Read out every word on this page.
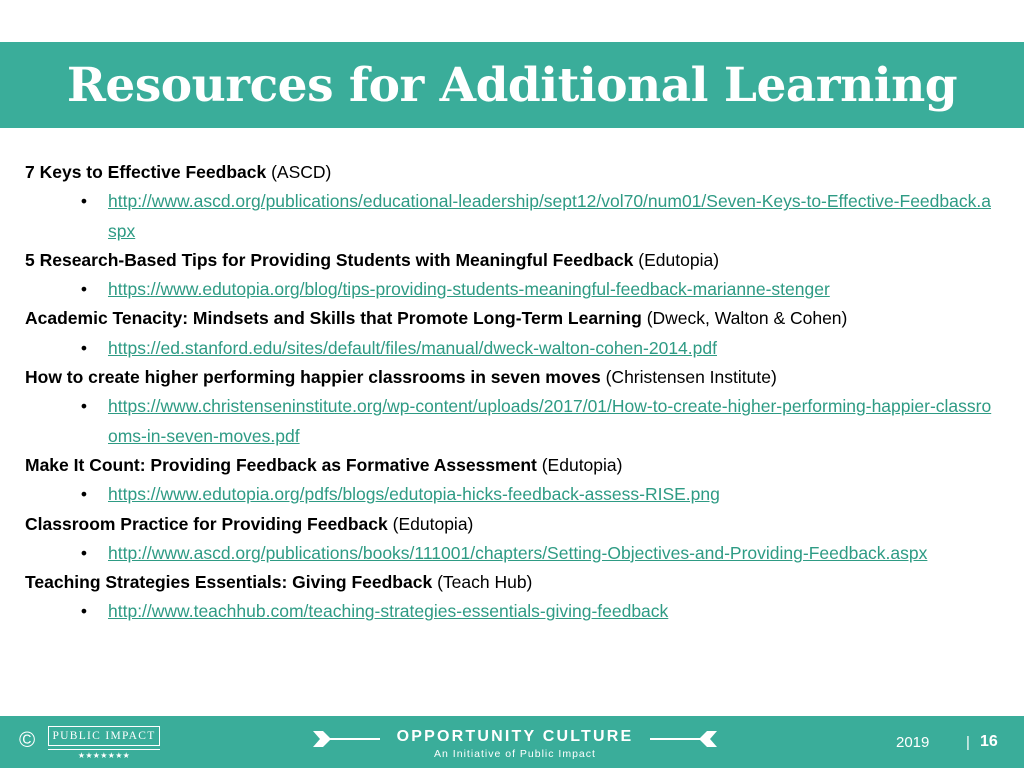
Resources for Additional Learning
7 Keys to Effective Feedback (ASCD)
•	http://www.ascd.org/publications/educational-leadership/sept12/vol70/num01/Seven-Keys-to-Effective-Feedback.aspx
5 Research-Based Tips for Providing Students with Meaningful Feedback (Edutopia)
•	https://www.edutopia.org/blog/tips-providing-students-meaningful-feedback-marianne-stenger
Academic Tenacity: Mindsets and Skills that Promote Long-Term Learning (Dweck, Walton & Cohen)
•	https://ed.stanford.edu/sites/default/files/manual/dweck-walton-cohen-2014.pdf
How to create higher performing happier classrooms in seven moves (Christensen Institute)
•	https://www.christenseninstitute.org/wp-content/uploads/2017/01/How-to-create-higher-performing-happier-classrooms-in-seven-moves.pdf
Make It Count: Providing Feedback as Formative Assessment (Edutopia)
•	https://www.edutopia.org/pdfs/blogs/edutopia-hicks-feedback-assess-RISE.png
Classroom Practice for Providing Feedback (Edutopia)
•	http://www.ascd.org/publications/books/111001/chapters/Setting-Objectives-and-Providing-Feedback.aspx
Teaching Strategies Essentials: Giving Feedback (Teach Hub)
•	http://www.teachhub.com/teaching-strategies-essentials-giving-feedback
©	PUBLIC IMPACT
★★★★★★★
OPPORTUNITY CULTURE
An Initiative of Public Impact
2019 | 16
